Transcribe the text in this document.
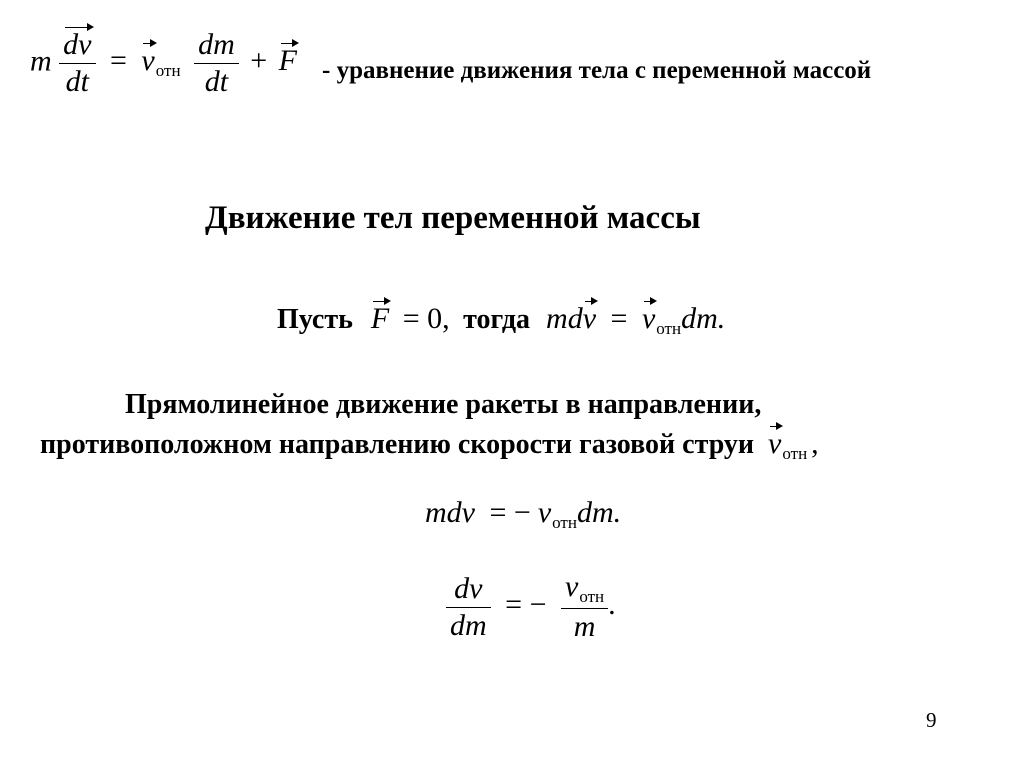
m $\frac{dv}{dt} = v_{отн} \frac{dm}{dt} + F$ - уравнение движения тела с переменной массой
Движение тел переменной массы
Пусть F = 0, тогда mdv = $v_{отн}dm$.
Прямолинейное движение ракеты в направлении,
противоположном направлению скорости газовой струи $v_{отн}$ ,
mdv = − $v_{отн}dm$.
$\frac{dv}{dm}$ = − $\frac{v_{отн}}{m}$ .
9
